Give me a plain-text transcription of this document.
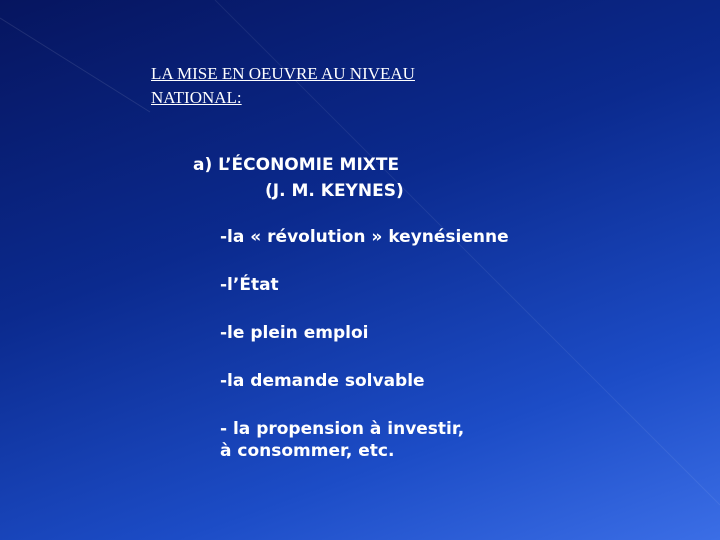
LA MISE EN OEUVRE AU NIVEAU
NATIONAL:
a) L’ÉCONOMIE MIXTE
(J. M. KEYNES)
-la « révolution » keynésienne
-l’État
-le plein emploi
-la demande solvable
- la propension à investir,
à consommer, etc.
